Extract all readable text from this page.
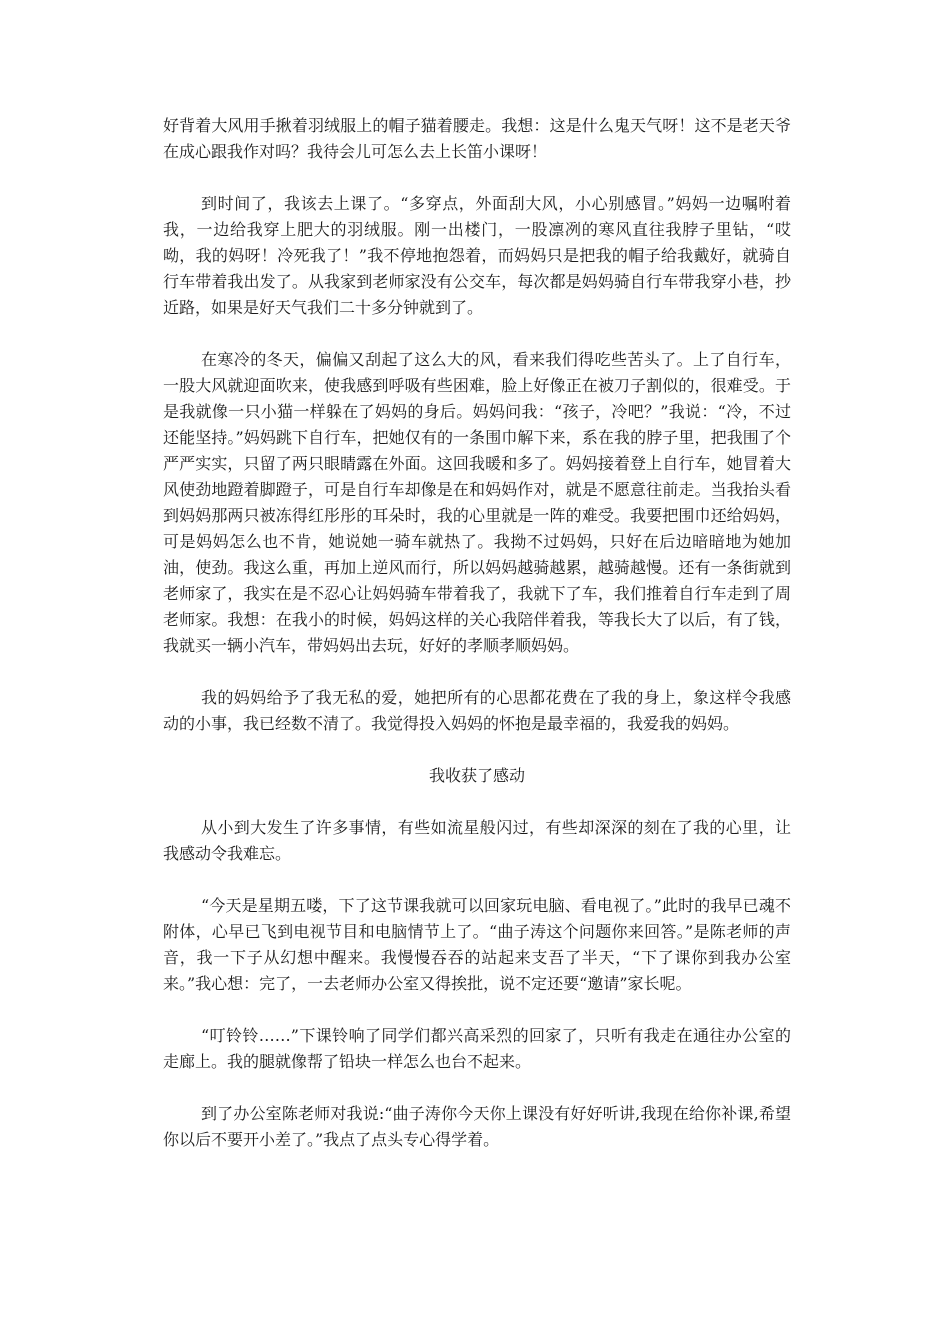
好背着大风用手揪着羽绒服上的帽子猫着腰走。我想：这是什么鬼天气呀！这不是老天爷在成心跟我作对吗？我待会儿可怎么去上长笛小课呀！

到时间了，我该去上课了。“多穿点，外面刮大风，小心别感冒。”妈妈一边嘱咐着我，一边给我穿上肥大的羽绒服。刚一出楼门，一股凛冽的寒风直往我脖子里钻，“哎呦，我的妈呀！冷死我了！”我不停地抱怨着，而妈妈只是把我的帽子给我戴好，就骑自行车带着我出发了。从我家到老师家没有公交车，每次都是妈妈骑自行车带我穿小巷，抄近路，如果是好天气我们二十多分钟就到了。

在寒冷的冬天，偏偏又刮起了这么大的风，看来我们得吃些苦头了。上了自行车，一股大风就迎面吹来，使我感到呼吸有些困难，脸上好像正在被刀子割似的，很难受。于是我就像一只小猫一样躲在了妈妈的身后。妈妈问我：“孩子，冷吧？”我说：“冷，不过还能坚持。”妈妈跳下自行车，把她仅有的一条围巾解下来，系在我的脖子里，把我围了个严严实实，只留了两只眼睛露在外面。这回我暖和多了。妈妈接着登上自行车，她冒着大风使劲地蹬着脚蹬子，可是自行车却像是在和妈妈作对，就是不愿意往前走。当我抬头看到妈妈那两只被冻得红彤彤的耳朵时，我的心里就是一阵的难受。我要把围巾还给妈妈，可是妈妈怎么也不肯，她说她一骑车就热了。我拗不过妈妈，只好在后边暗暗地为她加油，使劲。我这么重，再加上逆风而行，所以妈妈越骑越累，越骑越慢。还有一条街就到老师家了，我实在是不忍心让妈妈骑车带着我了，我就下了车，我们推着自行车走到了周老师家。我想：在我小的时候，妈妈这样的关心我陪伴着我，等我长大了以后，有了钱，我就买一辆小汽车，带妈妈出去玩，好好的孝顺孝顺妈妈。

我的妈妈给予了我无私的爱，她把所有的心思都花费在了我的身上，象这样令我感动的小事，我已经数不清了。我觉得投入妈妈的怀抱是最幸福的，我爱我的妈妈。

我收获了感动

从小到大发生了许多事情，有些如流星般闪过，有些却深深的刻在了我的心里，让我感动令我难忘。

“今天是星期五喽，下了这节课我就可以回家玩电脑、看电视了。”此时的我早已魂不附体，心早已飞到电视节目和电脑情节上了。“曲子涛这个问题你来回答。”是陈老师的声音，我一下子从幻想中醒来。我慢慢吞吞的站起来支吾了半天，“下了课你到我办公室来。”我心想：完了，一去老师办公室又得挨批，说不定还要“邀请”家长呢。

“叮铃铃……”下课铃响了同学们都兴高采烈的回家了，只听有我走在通往办公室的走廊上。我的腿就像帮了铅块一样怎么也台不起来。

到了办公室陈老师对我说:“曲子涛你今天你上课没有好好听讲,我现在给你补课,希望你以后不要开小差了。”我点了点头专心得学着。
